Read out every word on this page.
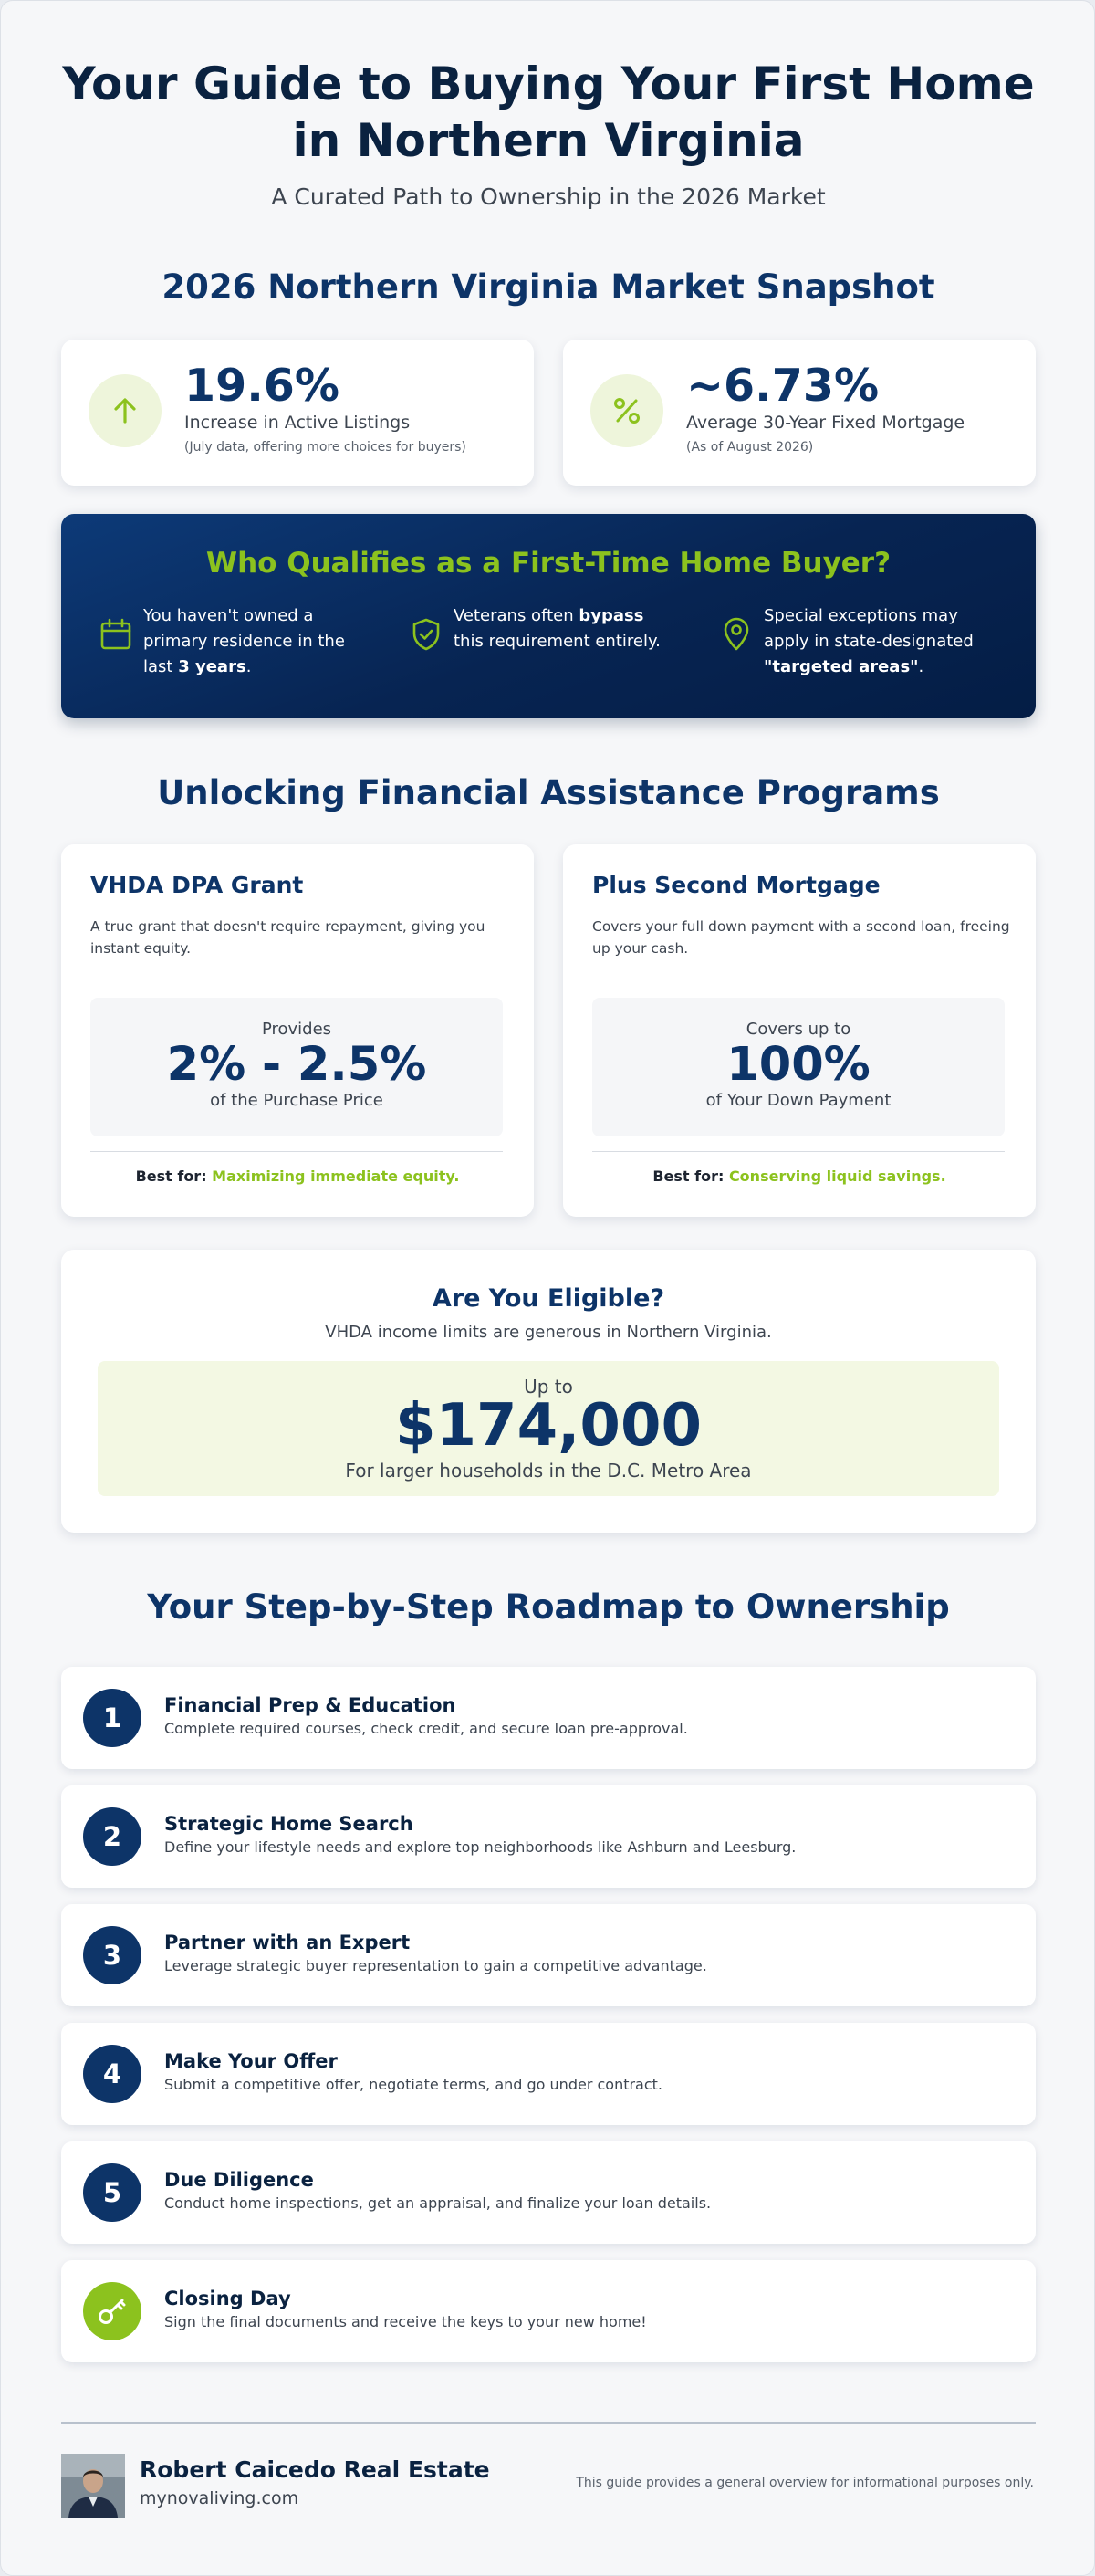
Your Guide to Buying Your First Home in Northern Virginia
A Curated Path to Ownership in the 2026 Market
2026 Northern Virginia Market Snapshot
19.6%
Increase in Active Listings
(July data, offering more choices for buyers)
~6.73%
Average 30-Year Fixed Mortgage
(As of August 2026)
Who Qualifies as a First-Time Home Buyer?
You haven't owned a primary residence in the last 3 years.
Veterans often bypass this requirement entirely.
Special exceptions may apply in state-designated "targeted areas".
Unlocking Financial Assistance Programs
VHDA DPA Grant
A true grant that doesn't require repayment, giving you instant equity.
Provides
2% - 2.5%
of the Purchase Price
Best for: Maximizing immediate equity.
Plus Second Mortgage
Covers your full down payment with a second loan, freeing up your cash.
Covers up to
100%
of Your Down Payment
Best for: Conserving liquid savings.
Are You Eligible?
VHDA income limits are generous in Northern Virginia.
Up to
$174,000
For larger households in the D.C. Metro Area
Your Step-by-Step Roadmap to Ownership
1	Financial Prep & Education
Complete required courses, check credit, and secure loan pre-approval.
2	Strategic Home Search
Define your lifestyle needs and explore top neighborhoods like Ashburn and Leesburg.
3	Partner with an Expert
Leverage strategic buyer representation to gain a competitive advantage.
4	Make Your Offer
Submit a competitive offer, negotiate terms, and go under contract.
5	Due Diligence
Conduct home inspections, get an appraisal, and finalize your loan details.
Closing Day
Sign the final documents and receive the keys to your new home!
Robert Caicedo Real Estate
mynovaliving.com
This guide provides a general overview for informational purposes only.
